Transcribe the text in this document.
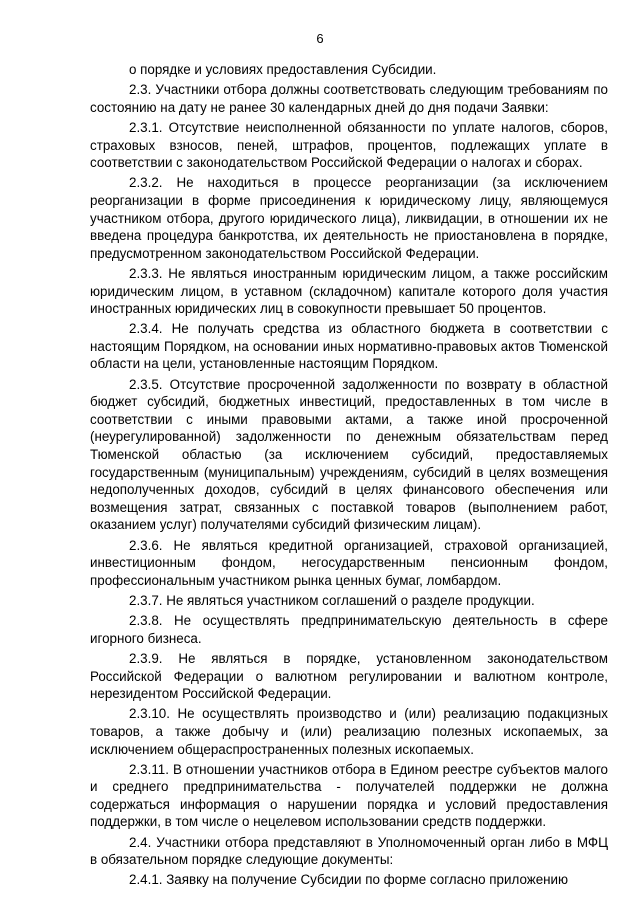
6

о порядке и условиях предоставления Субсидии.

2.3. Участники отбора должны соответствовать следующим требованиям по состоянию на дату не ранее 30 календарных дней до дня подачи Заявки:

2.3.1. Отсутствие неисполненной обязанности по уплате налогов, сборов, страховых взносов, пеней, штрафов, процентов, подлежащих уплате в соответствии с законодательством Российской Федерации о налогах и сборах.

2.3.2. Не находиться в процессе реорганизации (за исключением реорганизации в форме присоединения к юридическому лицу, являющемуся участником отбора, другого юридического лица), ликвидации, в отношении их не введена процедура банкротства, их деятельность не приостановлена в порядке, предусмотренном законодательством Российской Федерации.

2.3.3. Не являться иностранным юридическим лицом, а также российским юридическим лицом, в уставном (складочном) капитале которого доля участия иностранных юридических лиц в совокупности превышает 50 процентов.

2.3.4. Не получать средства из областного бюджета в соответствии с настоящим Порядком, на основании иных нормативно-правовых актов Тюменской области на цели, установленные настоящим Порядком.

2.3.5. Отсутствие просроченной задолженности по возврату в областной бюджет субсидий, бюджетных инвестиций, предоставленных в том числе в соответствии с иными правовыми актами, а также иной просроченной (неурегулированной) задолженности по денежным обязательствам перед Тюменской областью (за исключением субсидий, предоставляемых государственным (муниципальным) учреждениям, субсидий в целях возмещения недополученных доходов, субсидий в целях финансового обеспечения или возмещения затрат, связанных с поставкой товаров (выполнением работ, оказанием услуг) получателями субсидий физическим лицам).

2.3.6. Не являться кредитной организацией, страховой организацией, инвестиционным фондом, негосударственным пенсионным фондом, профессиональным участником рынка ценных бумаг, ломбардом.

2.3.7. Не являться участником соглашений о разделе продукции.

2.3.8. Не осуществлять предпринимательскую деятельность в сфере игорного бизнеса.

2.3.9. Не являться в порядке, установленном законодательством Российской Федерации о валютном регулировании и валютном контроле, нерезидентом Российской Федерации.

2.3.10. Не осуществлять производство и (или) реализацию подакцизных товаров, а также добычу и (или) реализацию полезных ископаемых, за исключением общераспространенных полезных ископаемых.

2.3.11. В отношении участников отбора в Едином реестре субъектов малого и среднего предпринимательства - получателей поддержки не должна содержаться информация о нарушении порядка и условий предоставления поддержки, в том числе о нецелевом использовании средств поддержки.

2.4. Участники отбора представляют в Уполномоченный орган либо в МФЦ в обязательном порядке следующие документы:

2.4.1. Заявку на получение Субсидии по форме согласно приложению
